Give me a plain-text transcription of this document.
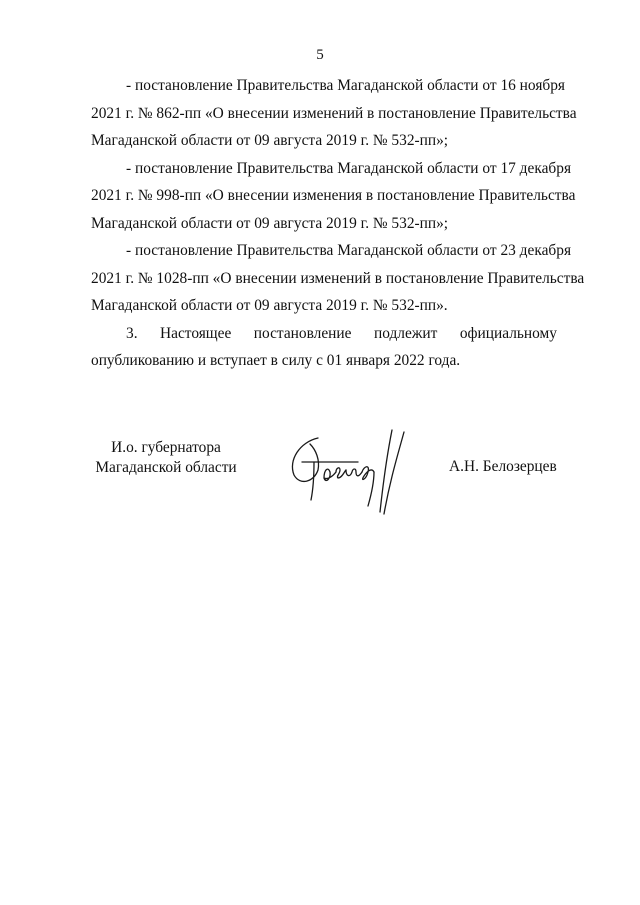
5
- постановление Правительства Магаданской области от 16 ноября
2021 г. № 862-пп «О внесении изменений в постановление Правительства
Магаданской области от 09 августа 2019 г. № 532-пп»;
- постановление Правительства Магаданской области от 17 декабря
2021 г. № 998-пп «О внесении изменения в постановление Правительства
Магаданской области от 09 августа 2019 г. № 532-пп»;
- постановление Правительства Магаданской области от 23 декабря
2021 г. № 1028-пп «О внесении изменений в постановление Правительства
Магаданской области от 09 августа 2019 г. № 532-пп».
3. Настоящее постановление подлежит официальному
опубликованию и вступает в силу с 01 января 2022 года.
И.о. губернатора
Магаданской области	А.Н. Белозерцев
